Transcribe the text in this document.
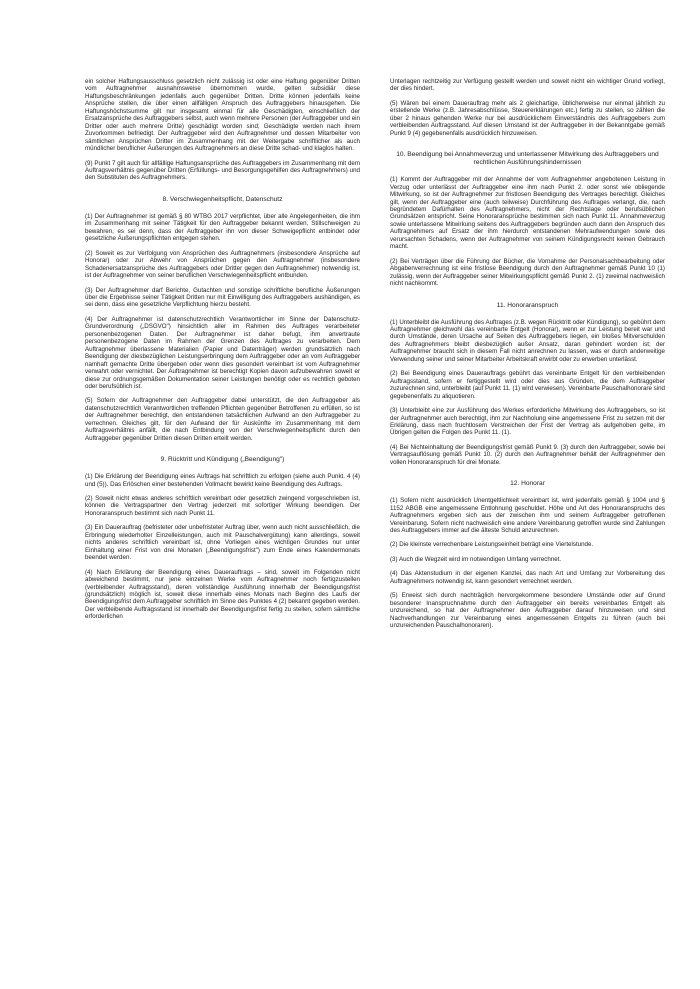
ein solcher Haftungsausschluss gesetzlich nicht zulässig ist oder eine Haftung gegenüber Dritten vom Auftragnehmer ausnahmsweise übernommen wurde, gelten subsidiär diese Haftungsbeschränkungen jedenfalls auch gegenüber Dritten. Dritte können jedenfalls keine Ansprüche stellen, die über einen allfälligen Anspruch des Auftraggebers hinausgehen. Die Haftungshöchstsumme gilt nur insgesamt einmal für alle Geschädigten, einschließlich der Ersatzansprüche des Auftraggebers selbst, auch wenn mehrere Personen (der Auftraggeber und ein Dritter oder auch mehrere Dritte) geschädigt worden sind; Geschädigte werden nach ihrem Zuvorkommen befriedigt. Der Auftraggeber wird den Auftragnehmer und dessen Mitarbeiter von sämtlichen Ansprüchen Dritter im Zusammenhang mit der Weitergabe schriftlicher als auch mündlicher beruflicher Äußerungen des Auftragnehmers an diese Dritte schad- und klaglos halten.

(9) Punkt 7 gilt auch für allfällige Haftungsansprüche des Auftraggebers im Zusammenhang mit dem Auftragsverhältnis gegenüber Dritten (Erfüllungs- und Besorgungsgehilfen des Auftragnehmers) und den Substituten des Auftragnehmers.

8. Verschwiegenheitspflicht, Datenschutz

(1) Der Auftragnehmer ist gemäß § 80 WTBG 2017 verpflichtet, über alle Angelegenheiten, die ihm im Zusammenhang mit seiner Tätigkeit für den Auftraggeber bekannt werden, Stillschweigen zu bewahren, es sei denn, dass der Auftraggeber ihn von dieser Schweigepflicht entbindet oder gesetzliche Äußerungspflichten entgegen stehen.

(2) Soweit es zur Verfolgung von Ansprüchen des Auftragnehmers (insbesondere Ansprüche auf Honorar) oder zur Abwehr von Ansprüchen gegen den Auftragnehmer (insbesondere Schadenersatzansprüche des Auftraggebers oder Dritter gegen den Auftragnehmer) notwendig ist, ist der Auftragnehmer von seiner beruflichen Verschwiegenheitspflicht entbunden.

(3) Der Auftragnehmer darf Berichte, Gutachten und sonstige schriftliche berufliche Äußerungen über die Ergebnisse seiner Tätigkeit Dritten nur mit Einwilligung des Auftraggebers aushändigen, es sei denn, dass eine gesetzliche Verpflichtung hierzu besteht.

(4) Der Auftragnehmer ist datenschutzrechtlich Verantwortlicher im Sinne der Datenschutz-Grundverordnung („DSGVO") hinsichtlich aller im Rahmen des Auftrages verarbeiteter personenbezogenen Daten. Der Auftragnehmer ist daher befugt, ihm anvertraute personenbezogene Daten im Rahmen der Grenzen des Auftrages zu verarbeiten. Dem Auftragnehmer überlassene Materialien (Papier und Datenträger) werden grundsätzlich nach Beendigung der diesbezüglichen Leistungserbringung dem Auftraggeber oder an vom Auftraggeber namhaft gemachte Dritte übergeben oder wenn dies gesondert vereinbart ist vom Auftragnehmer verwahrt oder vernichtet. Der Auftragnehmer ist berechtigt Kopien davon aufzubewahren soweit er diese zur ordnungsgemäßen Dokumentation seiner Leistungen benötigt oder es rechtlich geboten oder berufsüblich ist.

(5) Sofern der Auftragnehmer den Auftraggeber dabei unterstützt, die den Auftraggeber als datenschutzrechtlich Verantwortlichen treffenden Pflichten gegenüber Betroffenen zu erfüllen, so ist der Auftragnehmer berechtigt, den entstandenen tatsächlichen Aufwand an den Auftraggeber zu verrechnen. Gleiches gilt, für den Aufwand der für Auskünfte im Zusammenhang mit dem Auftragsverhältnis anfällt, die nach Entbindung von der Verschwiegenheitspflicht durch den Auftraggeber gegenüber Dritten diesen Dritten erteilt werden.

9. Rücktritt und Kündigung („Beendigung")

(1) Die Erklärung der Beendigung eines Auftrags hat schriftlich zu erfolgen (siehe auch Punkt. 4 (4) und (5)). Das Erlöschen einer bestehenden Vollmacht bewirkt keine Beendigung des Auftrags.

(2) Soweit nicht etwas anderes schriftlich vereinbart oder gesetzlich zwingend vorgeschrieben ist, können die Vertragspartner den Vertrag jederzeit mit sofortiger Wirkung beendigen. Der Honoraranspruch bestimmt sich nach Punkt 11.

(3) Ein Dauerauftrag (befristeter oder unbefristeter Auftrag über, wenn auch nicht ausschließlich, die Erbringung wiederholter Einzelleistungen, auch mit Pauschalvergütung) kann allerdings, soweit nichts anderes schriftlich vereinbart ist, ohne Vorliegen eines wichtigen Grundes nur unter Einhaltung einer Frist von drei Monaten („Beendigungsfrist") zum Ende eines Kalendermonats beendet werden.

(4) Nach Erklärung der Beendigung eines Dauerauftrags – sind, soweit im Folgenden nicht abweichend bestimmt, nur jene einzelnen Werke vom Auftragnehmer noch fertigzustellen (verbleibender Auftragsstand), deren vollständige Ausführung innerhalb der Beendigungsfrist (grundsätzlich) möglich ist, soweit diese innerhalb eines Monats nach Beginn des Laufs der Beendigungsfrist dem Auftraggeber schriftlich im Sinne des Punktes 4 (2) bekannt gegeben werden. Der verbleibende Auftragsstand ist innerhalb der Beendigungsfrist fertig zu stellen, sofern sämtliche erforderlichen

Unterlagen rechtzeitig zur Verfügung gestellt werden und soweit nicht ein wichtiger Grund vorliegt, der dies hindert.

(5) Wären bei einem Dauerauftrag mehr als 2 gleichartige, üblicherweise nur einmal jährlich zu erstellende Werke (z.B. Jahresabschlüsse, Steuererklärungen etc.) fertig zu stellen, so zählen die über 2 hinaus gehenden Werke nur bei ausdrücklichem Einverständnis des Auftraggebers zum verbleibenden Auftragsstand. Auf diesen Umstand ist der Auftraggeber in der Bekanntgabe gemäß Punkt 9 (4) gegebenenfalls ausdrücklich hinzuweisen.

10. Beendigung bei Annahmeverzug und unterlassener Mitwirkung des Auftraggebers und rechtlichen Ausführungshindernissen

(1) Kommt der Auftraggeber mit der Annahme der vom Auftragnehmer angebotenen Leistung in Verzug oder unterlässt der Auftraggeber eine ihm nach Punkt 2. oder sonst wie obliegende Mitwirkung, so ist der Auftragnehmer zur fristlosen Beendigung des Vertrages berechtigt. Gleiches gilt, wenn der Auftraggeber eine (auch teilweise) Durchführung des Auftrages verlangt, die, nach begründetem Dafürhalten des Auftragnehmers, nicht der Rechtslage oder berufsüblichen Grundsätzen entspricht. Seine Honoraransprüche bestimmen sich nach Punkt 11. Annahmeverzug sowie unterlassene Mitwirkung seitens des Auftraggebers begründen auch dann den Anspruch des Auftragnehmers auf Ersatz der ihm hierdurch entstandenen Mehraufwendungen sowie des verursachten Schadens, wenn der Auftragnehmer von seinem Kündigungsrecht keinen Gebrauch macht.

(2) Bei Verträgen über die Führung der Bücher, die Vornahme der Personalsachbearbeitung oder Abgabenverrechnung ist eine fristlose Beendigung durch den Auftragnehmer gemäß Punkt 10 (1) zulässig, wenn der Auftraggeber seiner Mitwirkungspflicht gemäß Punkt 2. (1) zweimal nachweislich nicht nachkommt.

11. Honoraranspruch

(1) Unterbleibt die Ausführung des Auftrages (z.B. wegen Rücktritt oder Kündigung), so gebührt dem Auftragnehmer gleichwohl das vereinbarte Entgelt (Honorar), wenn er zur Leistung bereit war und durch Umstände, deren Ursache auf Seiten des Auftraggebers liegen, ein bloßes Mitverschulden des Auftragnehmers bleibt diesbezüglich außer Ansatz, daran gehindert worden ist; der Auftragnehmer braucht sich in diesem Fall nicht anrechnen zu lassen, was er durch anderweitige Verwendung seiner und seiner Mitarbeiter Arbeitskraft erwirbt oder zu erwerben unterlässt.

(2) Bei Beendigung eines Dauerauftrags gebührt das vereinbarte Entgelt für den verbleibenden Auftragsstand, sofern er fertiggestellt wird oder dies aus Gründen, die dem Auftraggeber zuzurechnen sind, unterbleibt (auf Punkt 11. (1) wird verwiesen). Vereinbarte Pauschalhonorare sind gegebenenfalls zu aliquotieren.

(3) Unterbleibt eine zur Ausführung des Werkes erforderliche Mitwirkung des Auftraggebers, so ist der Auftragnehmer auch berechtigt, ihm zur Nachholung eine angemessene Frist zu setzen mit der Erklärung, dass nach fruchtlosem Verstreichen der Frist der Vertrag als aufgehoben gelte, im Übrigen gelten die Folgen des Punkt 11. (1).

(4) Bei Nichteinhaltung der Beendigungsfrist gemäß Punkt 9. (3) durch den Auftraggeber, sowie bei Vertragsauflösung gemäß Punkt 10. (2) durch den Auftragnehmer behält der Auftragnehmer den vollen Honoraranspruch für drei Monate.

12. Honorar

(1) Sofern nicht ausdrücklich Unentgeltlichkeit vereinbart ist, wird jedenfalls gemäß § 1004 und § 1152 ABGB eine angemessene Entlohnung geschuldet. Höhe und Art des Honoraranspruchs des Auftragnehmers ergeben sich aus der zwischen ihm und seinem Auftraggeber getroffenen Vereinbarung. Sofern nicht nachweislich eine andere Vereinbarung getroffen wurde sind Zahlungen des Auftraggebers immer auf die älteste Schuld anzurechnen.

(2) Die kleinste verrechenbare Leistungseinheit beträgt eine Viertelstunde.

(3) Auch die Wegzeit wird im notwendigen Umfang verrechnet.

(4) Das Aktenstudium in der eigenen Kanzlei, das nach Art und Umfang zur Vorbereitung des Auftragnehmers notwendig ist, kann gesondert verrechnet werden.

(5) Erweist sich durch nachträglich hervorgekommene besondere Umstände oder auf Grund besonderer Inanspruchnahme durch den Auftraggeber ein bereits vereinbartes Entgelt als unzureichend, so hat der Auftragnehmer den Auftraggeber darauf hinzuweisen und sind Nachverhandlungen zur Vereinbarung eines angemessenen Entgelts zu führen (auch bei unzureichenden Pauschalhonoraren).
